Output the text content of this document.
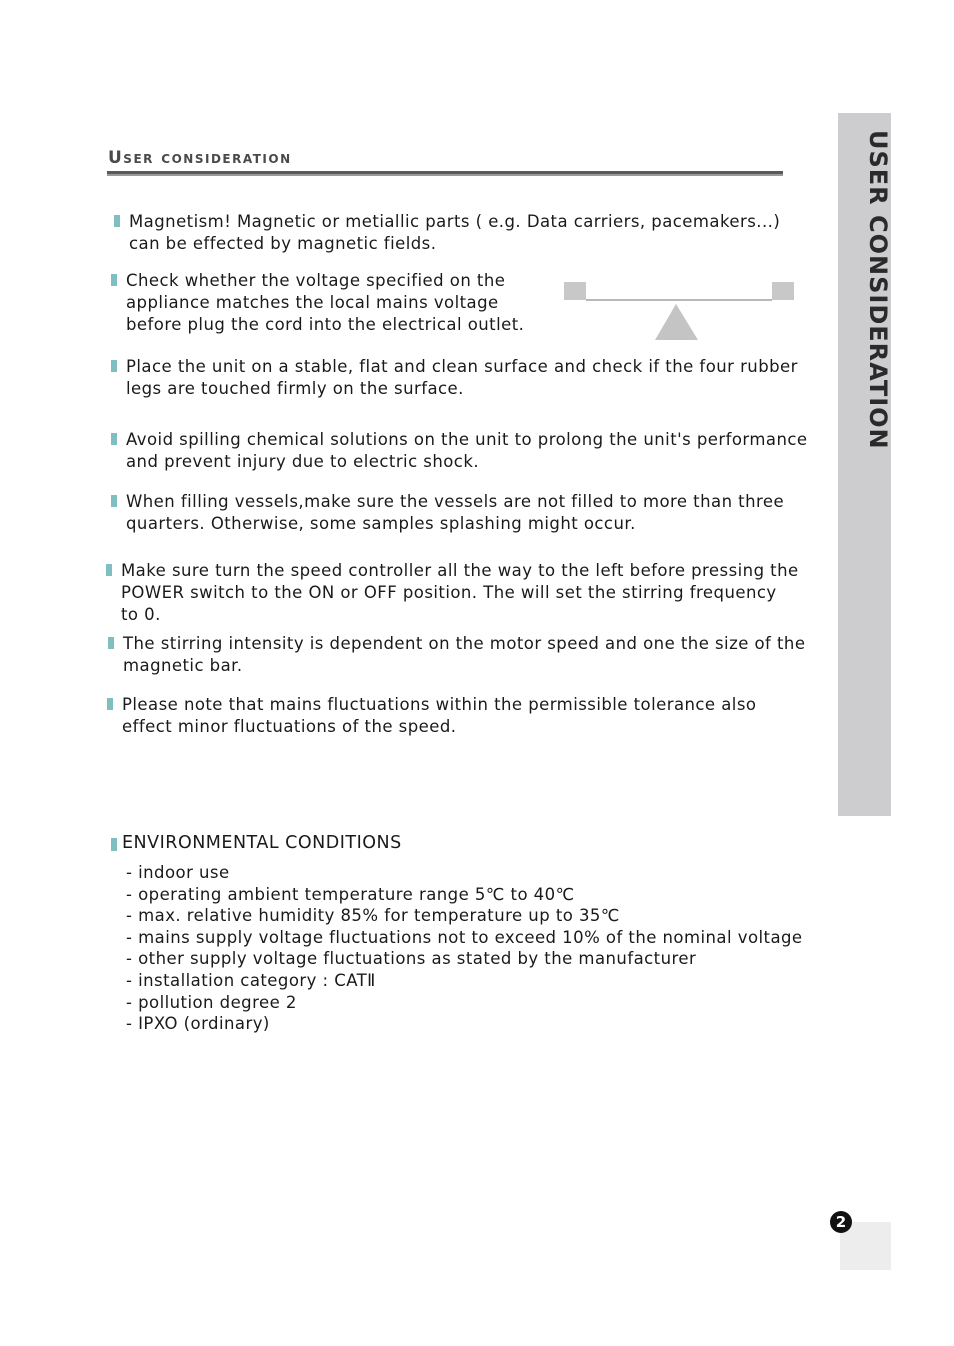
User consideration	USER CONSIDERATION

Magnetism! Magnetic or metiallic parts ( e.g. Data carriers, pacemakers...)
can be effected by magnetic fields.

Check whether the voltage specified on the
appliance matches the local mains voltage
before plug the cord into the electrical outlet.

Place the unit on a stable, flat and clean surface and check if the four rubber
legs are touched firmly on the surface.

Avoid spilling chemical solutions on the unit to prolong the unit's performance
and prevent injury due to electric shock.

When filling vessels,make sure the vessels are not filled to more than three
quarters. Otherwise, some samples splashing might occur.

Make sure turn the speed controller all the way to the left before pressing the
POWER switch to the ON or OFF position. The will set the stirring frequency
to 0.

The stirring intensity is dependent on the motor speed and one the size of the
magnetic bar.

Please note that mains fluctuations within the permissible tolerance also
effect minor fluctuations of the speed.

ENVIRONMENTAL CONDITIONS
- indoor use
- operating ambient temperature range 5℃ to 40℃
- max. relative humidity 85% for temperature up to 35℃
- mains supply voltage fluctuations not to exceed 10% of the nominal voltage
- other supply voltage fluctuations as stated by the manufacturer
- installation category : CATⅡ
- pollution degree 2
- IPXO (ordinary)
2
